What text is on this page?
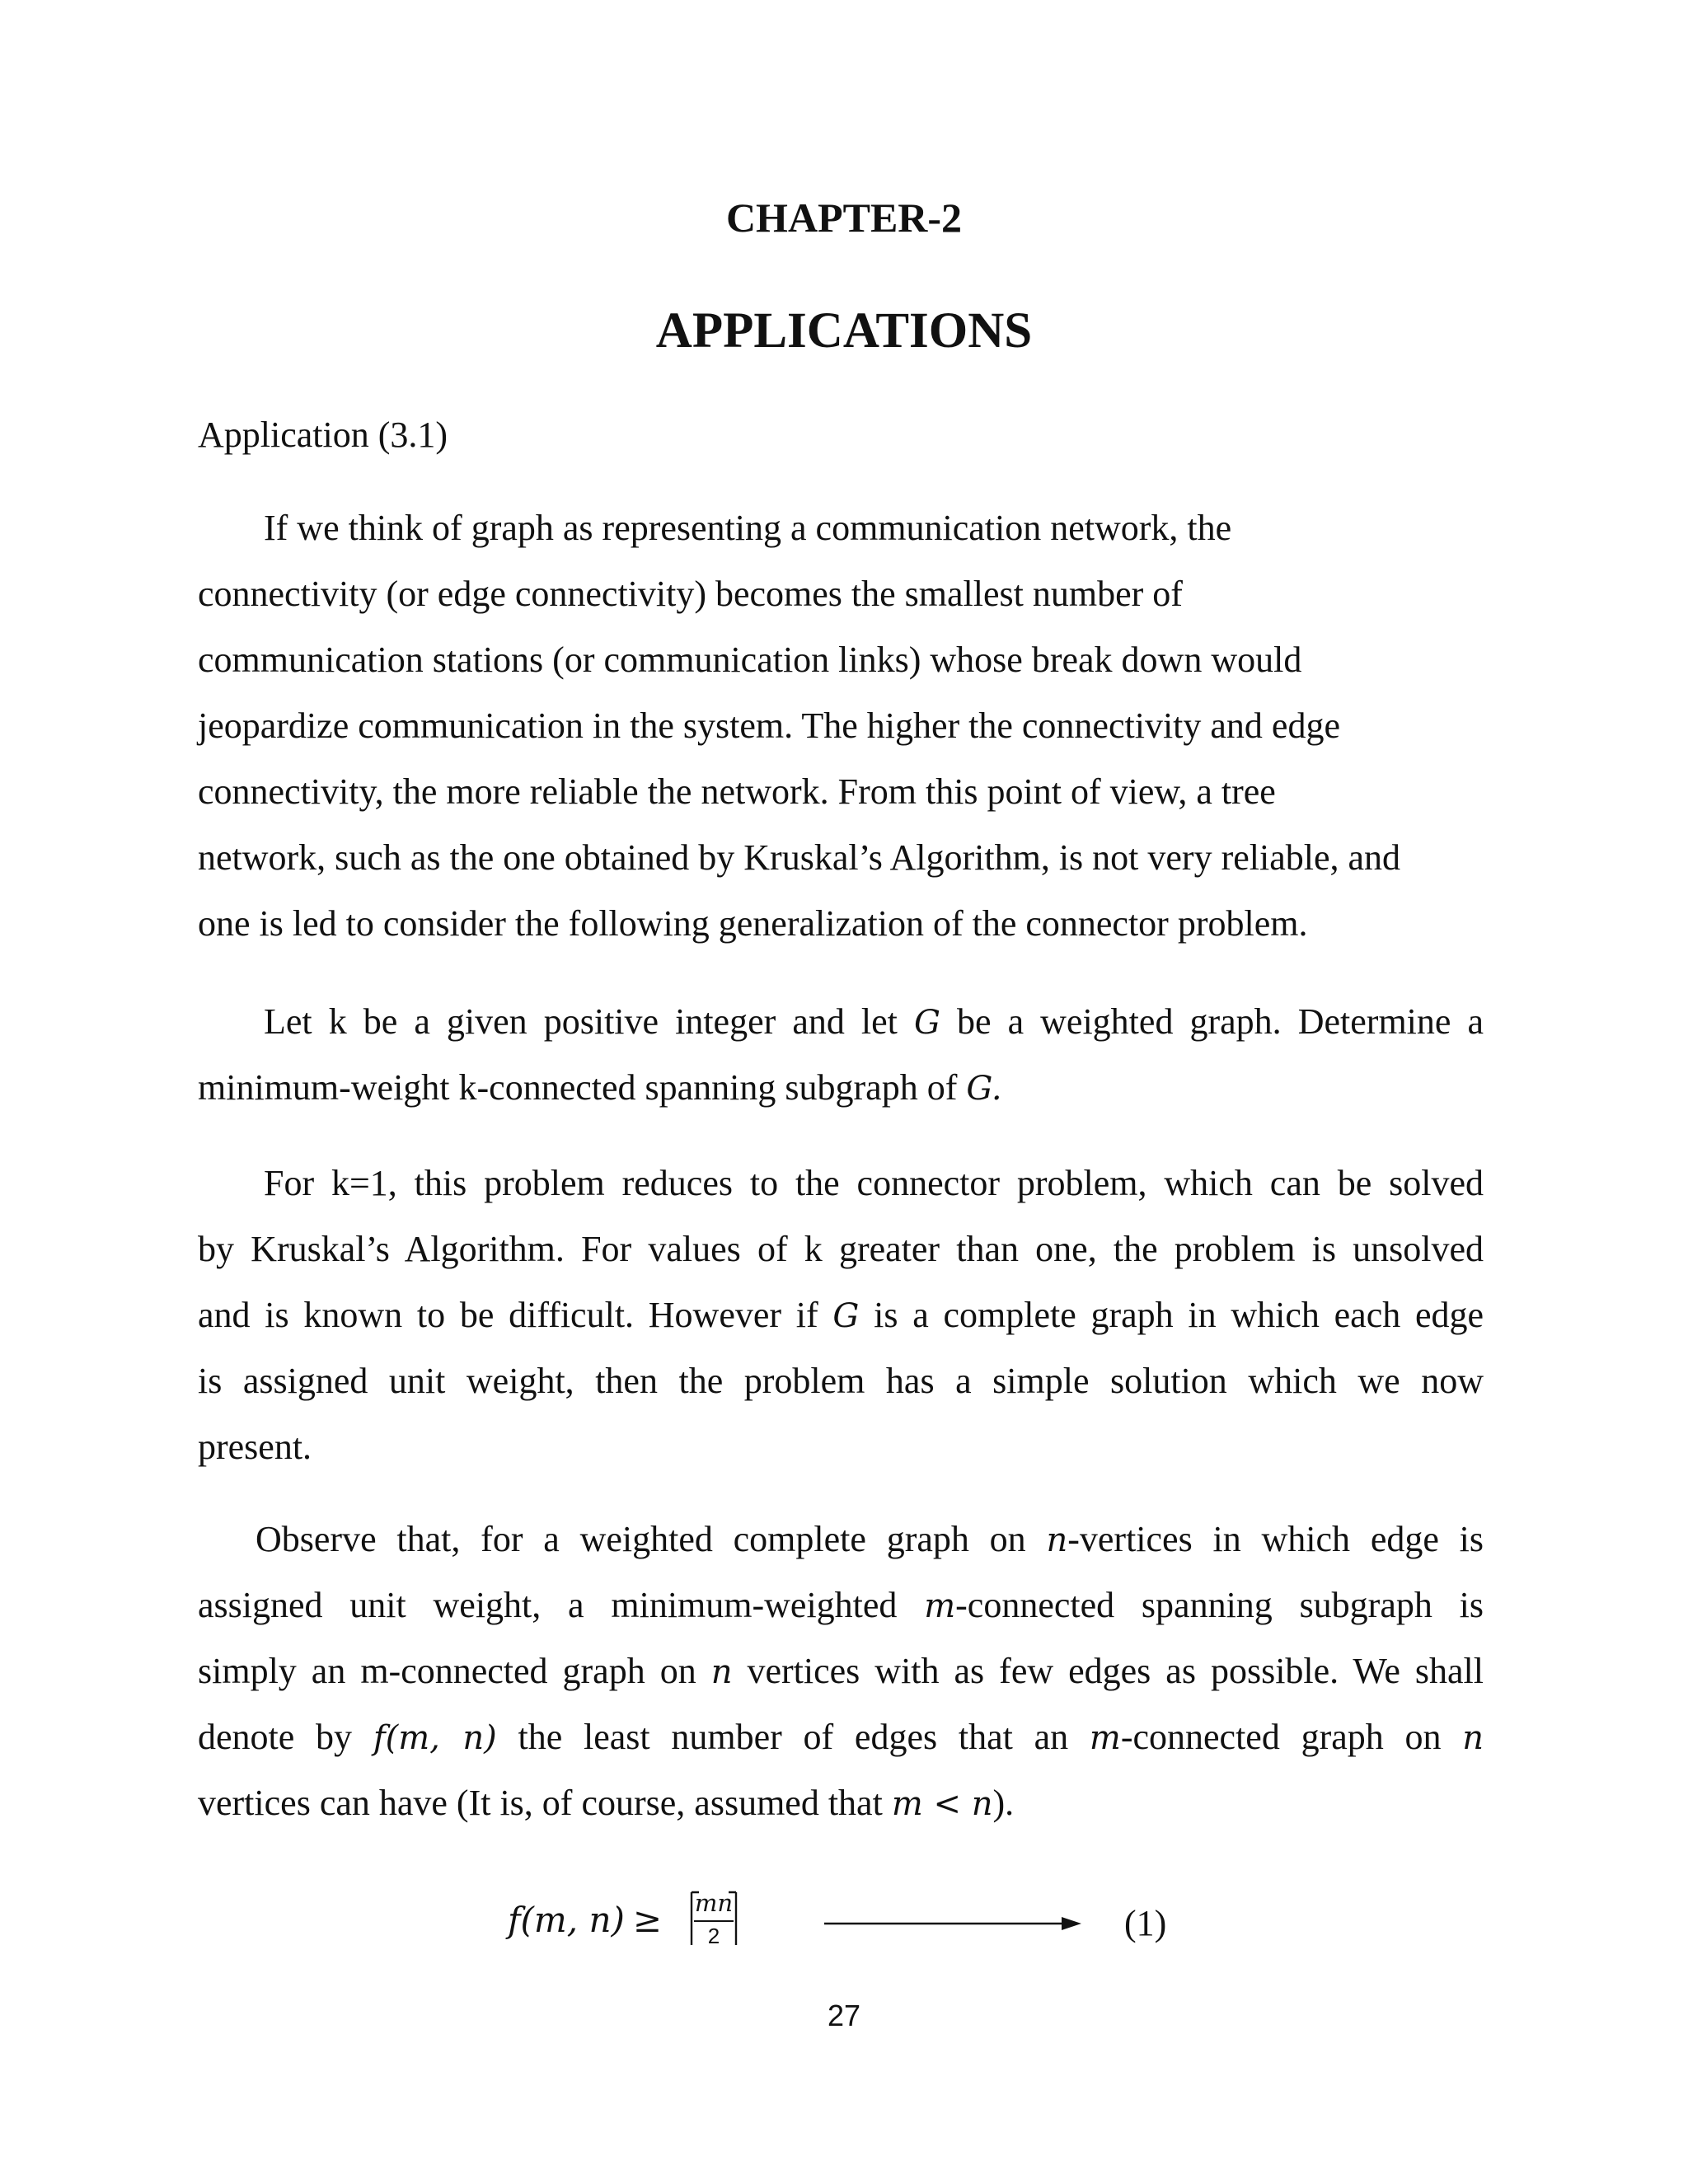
CHAPTER-2
APPLICATIONS
Application (3.1)
If we think of graph as representing a communication network, the
connectivity (or edge connectivity) becomes the smallest number of
communication stations (or communication links) whose break down would
jeopardize communication in the system. The higher the connectivity and edge
connectivity, the more reliable the network. From this point of view, a tree
network, such as the one obtained by Kruskal’s Algorithm, is not very reliable, and
one is led to consider the following generalization of the connector problem.
Let k be a given positive integer and let G be a weighted graph. Determine a
minimum-weight k-connected spanning subgraph of G.
For k=1, this problem reduces to the connector problem, which can be solved
by Kruskal’s Algorithm. For values of k greater than one, the problem is unsolved
and is known to be difficult. However if G is a complete graph in which each edge
is assigned unit weight, then the problem has a simple solution which we now
present.
Observe that, for a weighted complete graph on n-vertices in which edge is
assigned unit weight, a minimum-weighted m-connected spanning subgraph is
simply an m-connected graph on n vertices with as few edges as possible. We shall
denote by f(m, n) the least number of edges that an m-connected graph on n
vertices can have (It is, of course, assumed that m < n).
f(m, n) ≥	mn
2	(1)
27
